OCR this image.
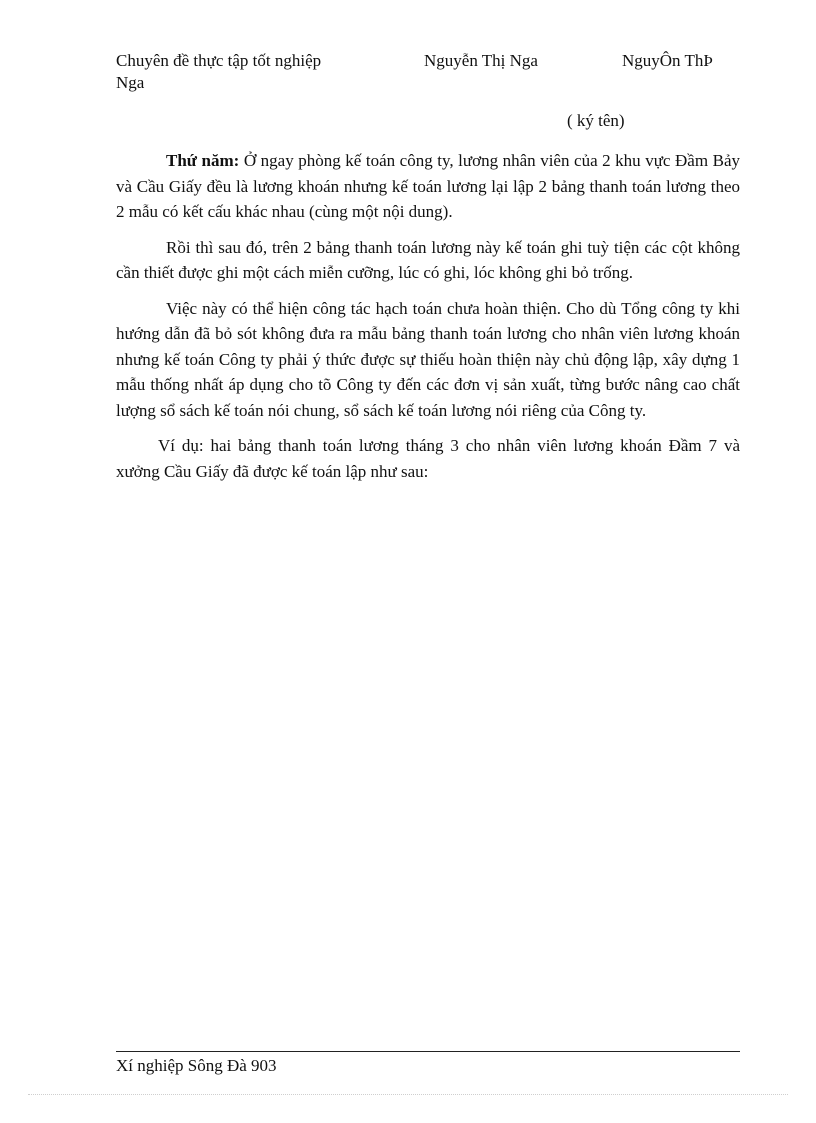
Chuyên đề thực tập tốt nghiệp	Nguyễn Thị Nga	NguyÔn ThÞ
Nga
( ký tên)

Thứ năm: Ở ngay phòng kế toán công ty, lương nhân viên của 2 khu vực Đầm Bảy và Cầu Giấy đều là lương khoán nhưng kế toán lương lại lập 2 bảng thanh toán lương theo 2 mẫu có kết cấu khác nhau (cùng một nội dung).

Rồi thì sau đó, trên 2 bảng thanh toán lương này kế toán ghi tuỳ tiện các cột không cần thiết được ghi một cách miễn cưỡng, lúc có ghi, lóc không ghi bỏ trống.

Việc này có thể hiện công tác hạch toán chưa hoàn thiện. Cho dù Tổng công ty khi hướng dẫn đã bỏ sót không đưa ra mẫu bảng thanh toán lương cho nhân viên lương khoán nhưng kế toán Công ty phải ý thức được sự thiếu hoàn thiện này chủ động lập, xây dựng 1 mẫu thống nhất áp dụng cho tõ Công ty đến các đơn vị sản xuất, từng bước nâng cao chất lượng sổ sách kế toán nói chung, sổ sách kế toán lương nói riêng của Công ty.

Ví dụ: hai bảng thanh toán lương tháng 3 cho nhân viên lương khoán Đầm 7 và xưởng Cầu Giấy đã được kế toán lập như sau:

Xí nghiệp Sông Đà 903
